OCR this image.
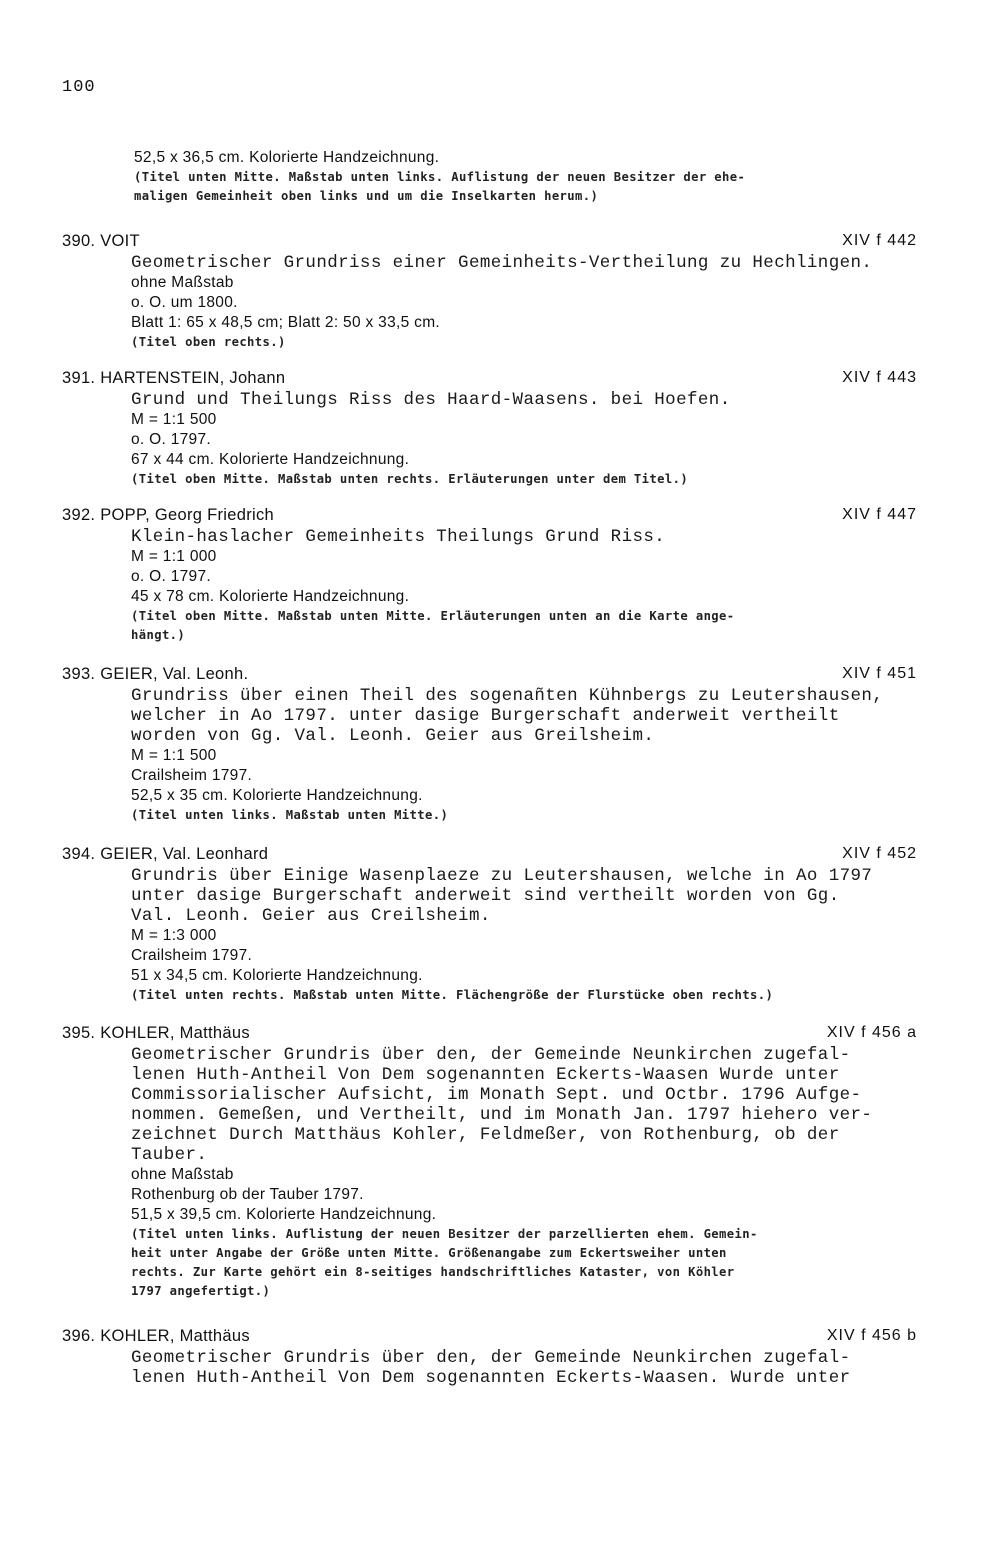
100
52,5 x 36,5 cm. Kolorierte Handzeichnung.
(Titel unten Mitte. Maßstab unten links. Auflistung der neuen Besitzer der ehe-
maligen Gemeinheit oben links und um die Inselkarten herum.)
390. VOIT	XIV f 442
Geometrischer Grundriss einer Gemeinheits-Vertheilung zu Hechlingen.
ohne Maßstab
o. O. um 1800.
Blatt 1: 65 x 48,5 cm; Blatt 2: 50 x 33,5 cm.
(Titel oben rechts.)
391. HARTENSTEIN, Johann	XIV f 443
Grund und Theilungs Riss des Haard-Waasens. bei Hoefen.
M = 1:1 500
o. O. 1797.
67 x 44 cm. Kolorierte Handzeichnung.
(Titel oben Mitte. Maßstab unten rechts. Erläuterungen unter dem Titel.)
392. POPP, Georg Friedrich	XIV f 447
Klein-haslacher Gemeinheits Theilungs Grund Riss.
M = 1:1 000
o. O. 1797.
45 x 78 cm. Kolorierte Handzeichnung.
(Titel oben Mitte. Maßstab unten Mitte. Erläuterungen unten an die Karte ange-
hängt.)
393. GEIER, Val. Leonh.	XIV f 451
Grundriss über einen Theil des sogenañten Kühnbergs zu Leutershausen,
welcher in Ao 1797. unter dasige Burgerschaft anderweit vertheilt
worden von Gg. Val. Leonh. Geier aus Greilsheim.
M = 1:1 500
Crailsheim 1797.
52,5 x 35 cm. Kolorierte Handzeichnung.
(Titel unten links. Maßstab unten Mitte.)
394. GEIER, Val. Leonhard	XIV f 452
Grundris über Einige Wasenplaeze zu Leutershausen, welche in Ao 1797
unter dasige Burgerschaft anderweit sind vertheilt worden von Gg.
Val. Leonh. Geier aus Creilsheim.
M = 1:3 000
Crailsheim 1797.
51 x 34,5 cm. Kolorierte Handzeichnung.
(Titel unten rechts. Maßstab unten Mitte. Flächengröße der Flurstücke oben rechts.)
395. KOHLER, Matthäus	XIV f 456 a
Geometrischer Grundris über den, der Gemeinde Neunkirchen zugefal-
lenen Huth-Antheil Von Dem sogenannten Eckerts-Waasen Wurde unter
Commissorialischer Aufsicht, im Monath Sept. und Octbr. 1796 Aufge-
nommen. Gemeßen, und Vertheilt, und im Monath Jan. 1797 hiehero ver-
zeichnet Durch Matthäus Kohler, Feldmeßer, von Rothenburg, ob der
Tauber.
ohne Maßstab
Rothenburg ob der Tauber 1797.
51,5 x 39,5 cm. Kolorierte Handzeichnung.
(Titel unten links. Auflistung der neuen Besitzer der parzellierten ehem. Gemein-
heit unter Angabe der Größe unten Mitte. Größenangabe zum Eckertsweiher unten
rechts. Zur Karte gehört ein 8-seitiges handschriftliches Kataster, von Köhler
1797 angefertigt.)
396. KOHLER, Matthäus	XIV f 456 b
Geometrischer Grundris über den, der Gemeinde Neunkirchen zugefal-
lenen Huth-Antheil Von Dem sogenannten Eckerts-Waasen. Wurde unter
